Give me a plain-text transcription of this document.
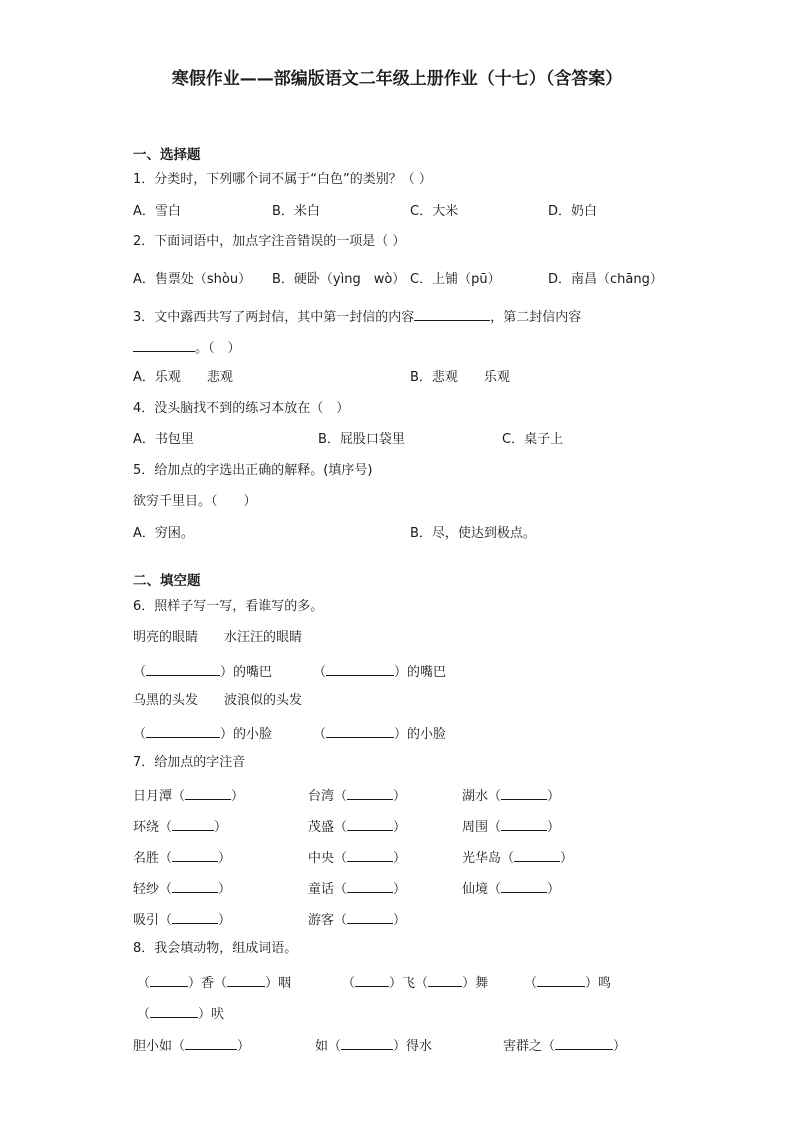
寒假作业——部编版语文二年级上册作业（十七）（含答案）
一、选择题
1．分类时，下列哪个词不属于“白色”的类别？（ ）
A．雪白	B．米白	C．大米	D．奶白
2．下面词语中，加点字注音错误的一项是（ ）
A．售票处（shòu） B．硬卧（yìng　wò） C．上铺（pū）	D．南昌（chāng）
3．文中露西共写了两封信，其中第一封信的内容	，第二封信内容
。（　）
A．乐观　　悲观	B．悲观　　乐观
4．没头脑找不到的练习本放在（　）
A．书包里	B．屁股口袋里	C．桌子上
5．给加点的字选出正确的解释。(填序号)
欲穷千里目。（　　）
A．穷困。	B．尽，使达到极点。
二、填空题
6．照样子写一写，看谁写的多。
明亮的眼睛　　水汪汪的眼睛
（	）的嘴巴	（	）的嘴巴
乌黑的头发　　波浪似的头发
（	）的小脸	（	）的小脸
7．给加点的字注音
日月潭（	）	台湾（	）	湖水（	）
环绕（	）	茂盛（	）	周围（	）
名胜（	）	中央（	）	光华岛（	）
轻纱（	）	童话（	）	仙境（	）
吸引（	）	游客（	）
8．我会填动物，组成词语。
（	）香（	）咽	（	）飞（	）舞	（	）鸣
（	）吠
胆小如（	）	如（	）得水	害群之（	）
